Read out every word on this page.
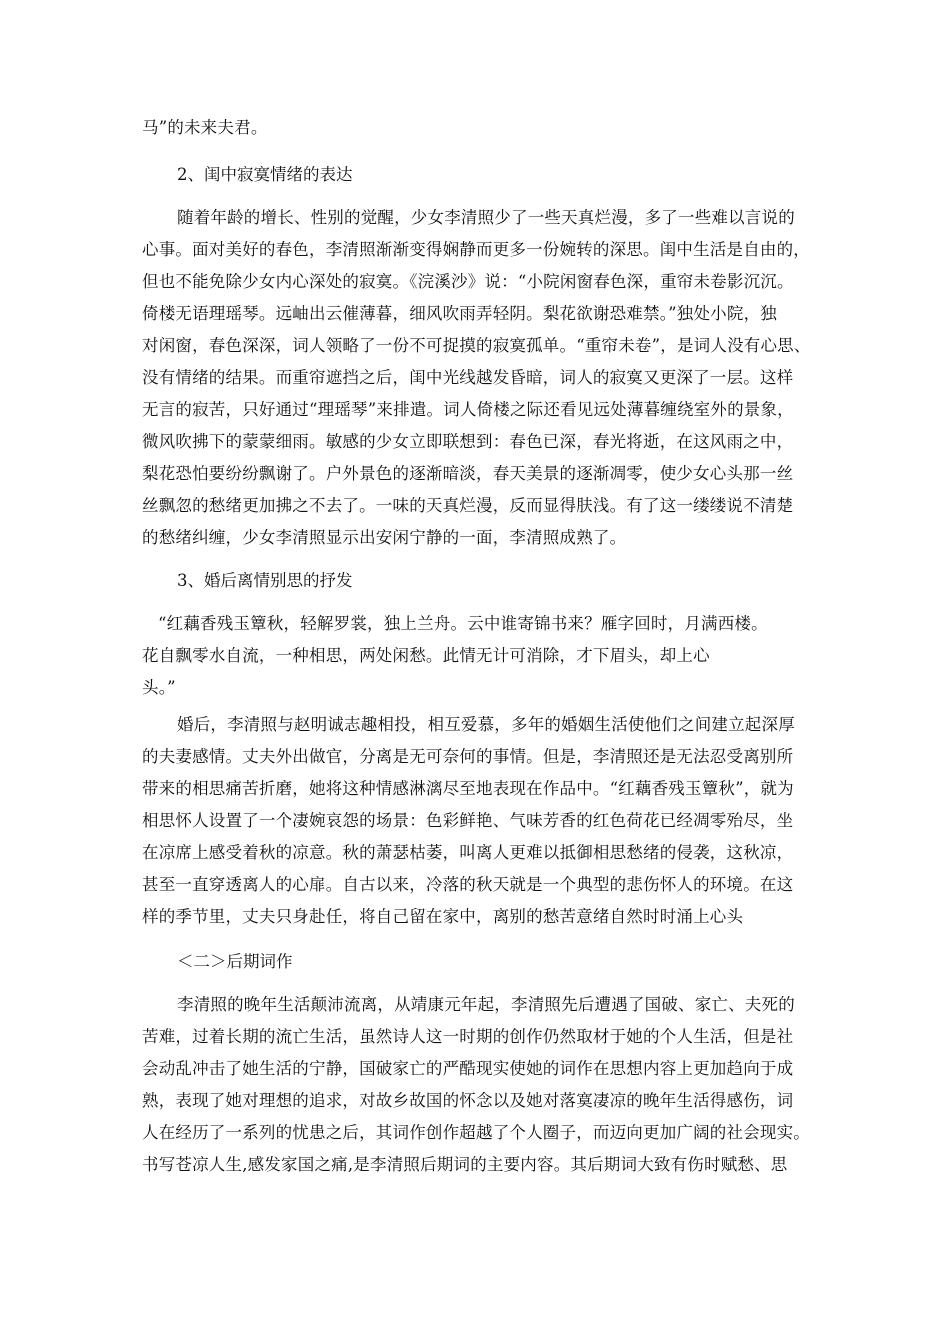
马”的未来夫君。
2、闺中寂寞情绪的表达
随着年龄的增长、性别的觉醒，少女李清照少了一些天真烂漫，多了一些难以言说的
心事。面对美好的春色，李清照渐渐变得娴静而更多一份婉转的深思。闺中生活是自由的，
但也不能免除少女内心深处的寂寞。《浣溪沙》说：“小院闲窗春色深，重帘未卷影沉沉。
倚楼无语理瑶琴。远岫出云催薄暮，细风吹雨弄轻阴。梨花欲谢恐难禁。”独处小院，独
对闲窗，春色深深，词人领略了一份不可捉摸的寂寞孤单。“重帘未卷”，是词人没有心思、
没有情绪的结果。而重帘遮挡之后，闺中光线越发昏暗，词人的寂寞又更深了一层。这样
无言的寂苦，只好通过“理瑶琴”来排遣。词人倚楼之际还看见远处薄暮缠绕室外的景象，
微风吹拂下的蒙蒙细雨。敏感的少女立即联想到：春色已深，春光将逝，在这风雨之中，
梨花恐怕要纷纷飘谢了。户外景色的逐渐暗淡，春天美景的逐渐凋零，使少女心头那一丝
丝飘忽的愁绪更加拂之不去了。一味的天真烂漫，反而显得肤浅。有了这一缕缕说不清楚
的愁绪纠缠，少女李清照显示出安闲宁静的一面，李清照成熟了。
3、婚后离情别思的抒发
“红藕香残玉簟秋，轻解罗裳，独上兰舟。云中谁寄锦书来？雁字回时，月满西楼。
花自飘零水自流，一种相思，两处闲愁。此情无计可消除，才下眉头，却上心
头。”
婚后，李清照与赵明诚志趣相投，相互爱慕，多年的婚姻生活使他们之间建立起深厚
的夫妻感情。丈夫外出做官，分离是无可奈何的事情。但是，李清照还是无法忍受离别所
带来的相思痛苦折磨，她将这种情感淋漓尽至地表现在作品中。“红藕香残玉簟秋”，就为
相思怀人设置了一个凄婉哀怨的场景：色彩鲜艳、气味芳香的红色荷花已经凋零殆尽，坐
在凉席上感受着秋的凉意。秋的萧瑟枯萎，叫离人更难以抵御相思愁绪的侵袭，这秋凉，
甚至一直穿透离人的心扉。自古以来，冷落的秋天就是一个典型的悲伤怀人的环境。在这
样的季节里，丈夫只身赴任，将自己留在家中，离别的愁苦意绪自然时时涌上心头
＜二＞后期词作
李清照的晚年生活颠沛流离，从靖康元年起，李清照先后遭遇了国破、家亡、夫死的
苦难，过着长期的流亡生活，虽然诗人这一时期的创作仍然取材于她的个人生活，但是社
会动乱冲击了她生活的宁静，国破家亡的严酷现实使她的词作在思想内容上更加趋向于成
熟，表现了她对理想的追求，对故乡故国的怀念以及她对落寞凄凉的晚年生活得感伤，词
人在经历了一系列的忧患之后，其词作创作超越了个人圈子，而迈向更加广阔的社会现实。
书写苍凉人生,感发家国之痛,是李清照后期词的主要内容。其后期词大致有伤时赋愁、思
